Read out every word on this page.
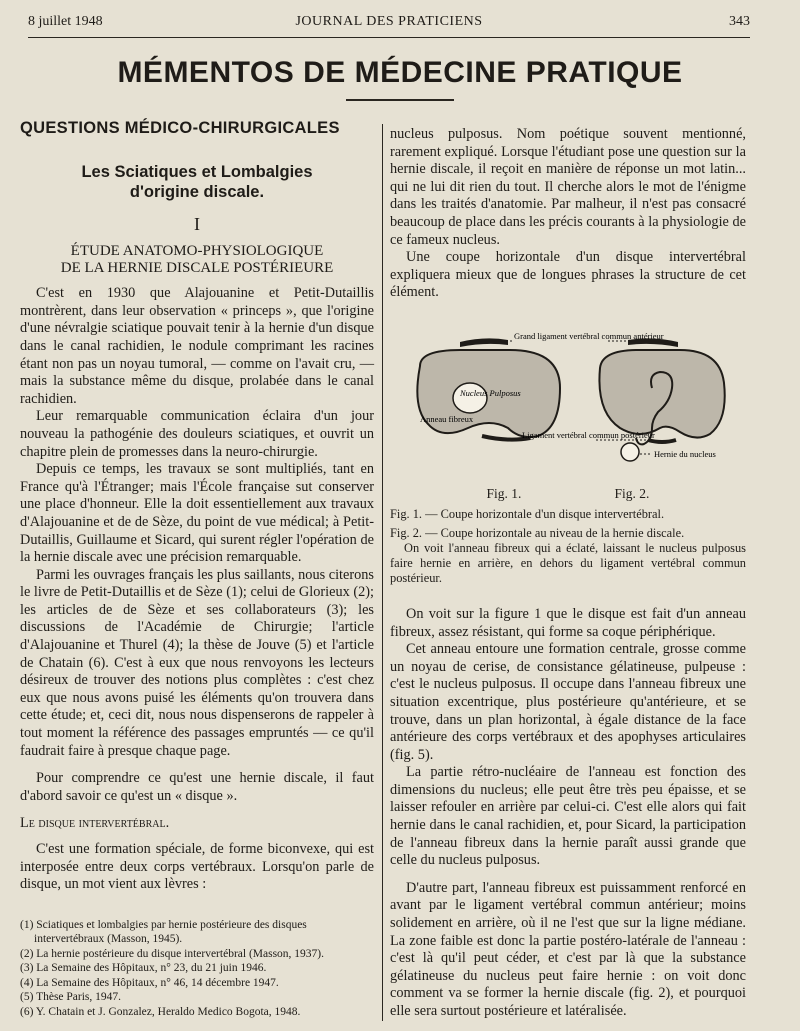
8 juillet 1948	JOURNAL DES PRATICIENS	343
MÉMENTOS DE MÉDECINE PRATIQUE
QUESTIONS MÉDICO-CHIRURGICALES
Les Sciatiques et Lombalgies
d'origine discale.
I
ÉTUDE ANATOMO-PHYSIOLOGIQUE
DE LA HERNIE DISCALE POSTÉRIEURE

C'est en 1930 que Alajouanine et Petit-Dutaillis montrèrent, dans leur observation « princeps », que l'origine d'une névralgie sciatique pouvait tenir à la hernie d'un disque dans le canal rachidien, le nodule comprimant les racines étant non pas un noyau tumoral, — comme on l'avait cru, — mais la substance même du disque, prolabée dans le canal rachidien.

Leur remarquable communication éclaira d'un jour nouveau la pathogénie des douleurs sciatiques, et ouvrit un chapitre plein de promesses dans la neuro-chirurgie.

Depuis ce temps, les travaux se sont multipliés, tant en France qu'à l'Étranger; mais l'École française sut conserver une place d'honneur. Elle la doit essentiellement aux travaux d'Alajouanine et de de Sèze, du point de vue médical; à Petit-Dutaillis, Guillaume et Sicard, qui surent régler l'opération de la hernie discale avec une précision remarquable.

Parmi les ouvrages français les plus saillants, nous citerons le livre de Petit-Dutaillis et de Sèze (1); celui de Glorieux (2); les articles de de Sèze et ses collaborateurs (3); les discussions de l'Académie de Chirurgie; l'article d'Alajouanine et Thurel (4); la thèse de Jouve (5) et l'article de Chatain (6). C'est à eux que nous renvoyons les lecteurs désireux de trouver des notions plus complètes : c'est chez eux que nous avons puisé les éléments qu'on trouvera dans cette étude; et, ceci dit, nous nous dispenserons de rappeler à tout moment la référence des passages empruntés — ce qu'il faudrait faire à presque chaque page.

Pour comprendre ce qu'est une hernie discale, il faut d'abord savoir ce qu'est un « disque ».

Le disque intervertébral.

C'est une formation spéciale, de forme biconvexe, qui est interposée entre deux corps vertébraux. Lorsqu'on parle de disque, un mot vient aux lèvres :

(1) Sciatiques et lombalgies par hernie postérieure des disques intervertébraux (Masson, 1945).
(2) La hernie postérieure du disque intervertébral (Masson, 1937).
(3) La Semaine des Hôpitaux, n° 23, du 21 juin 1946.
(4) La Semaine des Hôpitaux, n° 46, 14 décembre 1947.
(5) Thèse Paris, 1947.
(6) Y. Chatain et J. Gonzalez, Heraldo Medico Bogota, 1948.

nucleus pulposus. Nom poétique souvent mentionné, rarement expliqué. Lorsque l'étudiant pose une question sur la hernie discale, il reçoit en manière de réponse un mot latin... qui ne lui dit rien du tout. Il cherche alors le mot de l'énigme dans les traités d'anatomie. Par malheur, il n'est pas consacré beaucoup de place dans les précis courants à la physiologie de ce fameux nucleus.

Une coupe horizontale d'un disque intervertébral expliquera mieux que de longues phrases la structure de cet élément.

Grand ligament vertébral commun antérieur
Nucleus Pulposus
Anneau fibreux
Ligament vertébral commun postérieur
Hernie du nucleus
Fig. 1.	Fig. 2.
Fig. 1. — Coupe horizontale d'un disque intervertébral.
Fig. 2. — Coupe horizontale au niveau de la hernie discale.
On voit l'anneau fibreux qui a éclaté, laissant le nucleus pulposus faire hernie en arrière, en dehors du ligament vertébral commun postérieur.

On voit sur la figure 1 que le disque est fait d'un anneau fibreux, assez résistant, qui forme sa coque périphérique.

Cet anneau entoure une formation centrale, grosse comme un noyau de cerise, de consistance gélatineuse, pulpeuse : c'est le nucleus pulposus. Il occupe dans l'anneau fibreux une situation excentrique, plus postérieure qu'antérieure, et se trouve, dans un plan horizontal, à égale distance de la face antérieure des corps vertébraux et des apophyses articulaires (fig. 5).

La partie rétro-nucléaire de l'anneau est fonction des dimensions du nucleus; elle peut être très peu épaisse, et se laisser refouler en arrière par celui-ci. C'est elle alors qui fait hernie dans le canal rachidien, et, pour Sicard, la participation de l'anneau fibreux dans la hernie paraît aussi grande que celle du nucleus pulposus.

D'autre part, l'anneau fibreux est puissamment renforcé en avant par le ligament vertébral commun antérieur; moins solidement en arrière, où il ne l'est que sur la ligne médiane. La zone faible est donc la partie postéro-latérale de l'anneau : c'est là qu'il peut céder, et c'est par là que la substance gélatineuse du nucleus peut faire hernie : on voit donc comment va se former la hernie discale (fig. 2), et pourquoi elle sera surtout postérieure et latéralisée.
